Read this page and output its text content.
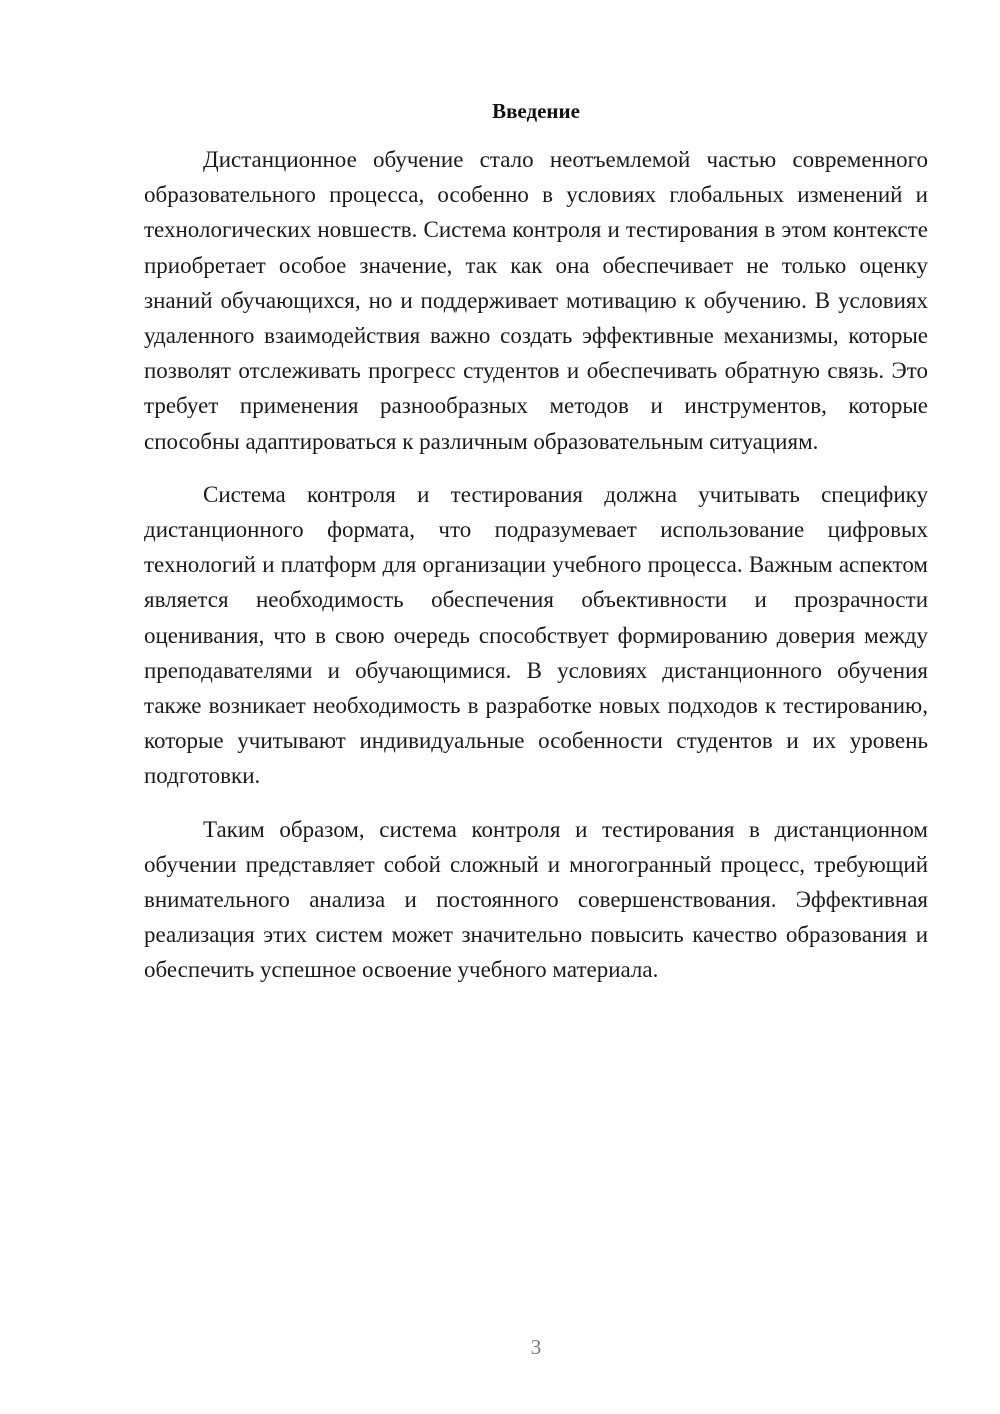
Введение

Дистанционное обучение стало неотъемлемой частью современного образовательного процесса, особенно в условиях глобальных изменений и технологических новшеств. Система контроля и тестирования в этом контексте приобретает особое значение, так как она обеспечивает не только оценку знаний обучающихся, но и поддерживает мотивацию к обучению. В условиях удаленного взаимодействия важно создать эффективные механизмы, которые позволят отслеживать прогресс студентов и обеспечивать обратную связь. Это требует применения разнообразных методов и инструментов, которые способны адаптироваться к различным образовательным ситуациям.

Система контроля и тестирования должна учитывать специфику дистанционного формата, что подразумевает использование цифровых технологий и платформ для организации учебного процесса. Важным аспектом является необходимость обеспечения объективности и прозрачности оценивания, что в свою очередь способствует формированию доверия между преподавателями и обучающимися. В условиях дистанционного обучения также возникает необходимость в разработке новых подходов к тестированию, которые учитывают индивидуальные особенности студентов и их уровень подготовки.

Таким образом, система контроля и тестирования в дистанционном обучении представляет собой сложный и многогранный процесс, требующий внимательного анализа и постоянного совершенствования. Эффективная реализация этих систем может значительно повысить качество образования и обеспечить успешное освоение учебного материала.

3
